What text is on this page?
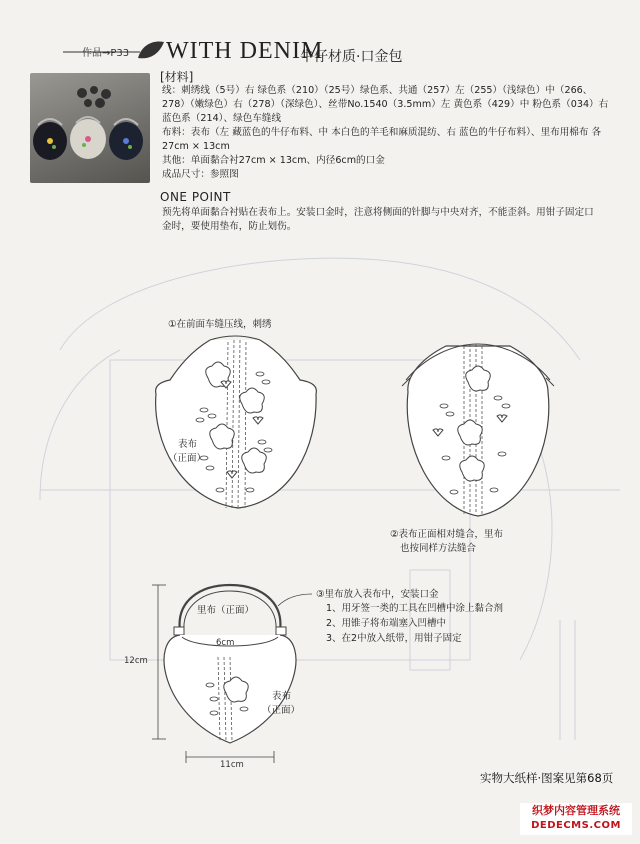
作品→P33 WITH DENIM
牛仔材质·口金包
[材料]
线：刺绣线（5号）右 绿色系（210）（25号）绿色系、共通（257）左（255）（浅绿色）中（266、
278）（嫩绿色）右（278）（深绿色）、丝带No.1540（3.5mm）左 黄色系（429）中 粉色系（034）右
蓝色系（214）、绿色车缝线
布料：表布（左 藏蓝色的牛仔布料、中 本白色的羊毛和麻质混纺、右 蓝色的牛仔布料）、里布用棉布 各
27cm × 13cm
其他：单面黏合衬27cm × 13cm、内径6cm的口金
成品尺寸：参照图
ONE POINT
预先将单面黏合衬贴在表布上。安装口金时，注意将侧面的针脚与中央对齐，不能歪斜。用钳子固定口
金时，要使用垫布，防止划伤。
①在前面车缝压线，刺绣
表布
（正面）
②表布正面相对缝合，里布
也按同样方法缝合
里布（正面）
6cm
12cm
11cm
表布
（正面）
③里布放入表布中，安装口金
1、用牙签一类的工具在凹槽中涂上黏合剂
2、用锥子将布端塞入凹槽中
3、在2中放入纸带，用钳子固定
实物大纸样·图案见第68页
织梦内容管理系统
DEDECMS.COM
